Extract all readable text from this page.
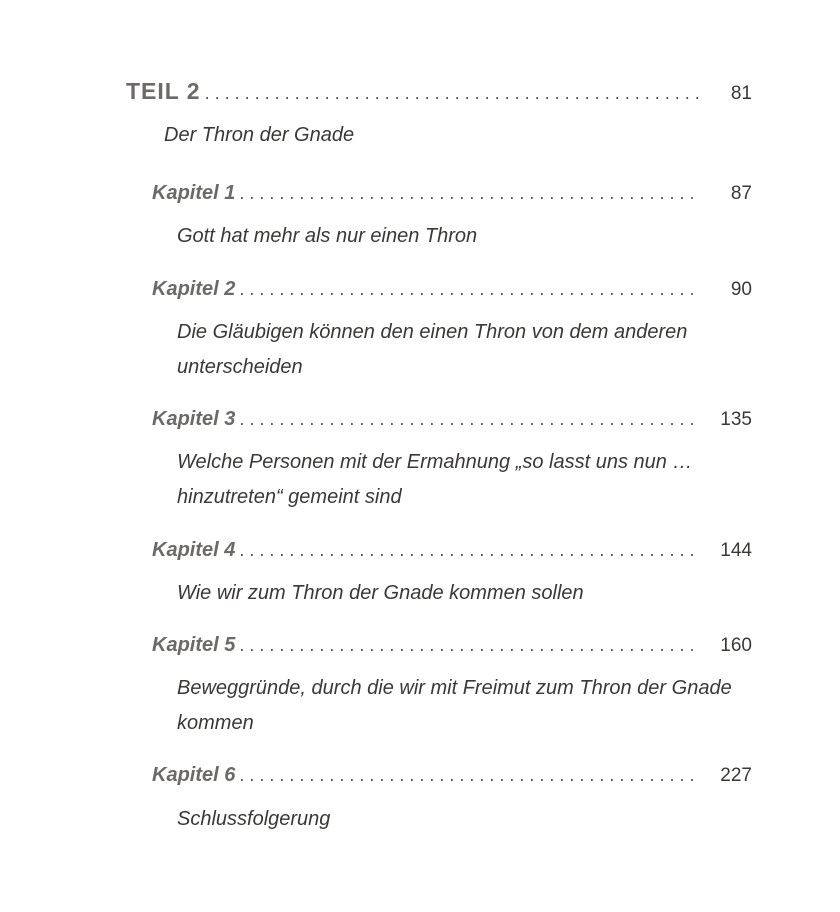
TEIL 2 . . .	81
Der Thron der Gnade
Kapitel 1 . . .	87
Gott hat mehr als nur einen Thron
Kapitel 2 . . .	90
Die Gläubigen können den einen Thron von dem anderen
unterscheiden
Kapitel 3 . . .	135
Welche Personen mit der Ermahnung „so lasst uns nun …
hinzutreten“ gemeint sind
Kapitel 4 . . .	144
Wie wir zum Thron der Gnade kommen sollen
Kapitel 5 . . .	160
Beweggründe, durch die wir mit Freimut zum Thron der Gnade
kommen
Kapitel 6 . . .	227
Schlussfolgerung
